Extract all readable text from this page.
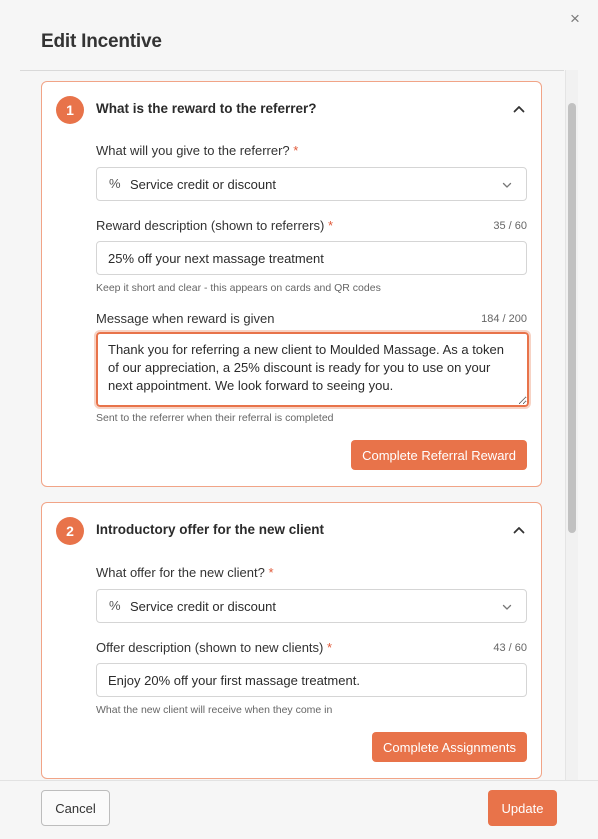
×
Edit Incentive
1	What is the reward to the referrer?
What will you give to the referrer? *
% Service credit or discount
Reward description (shown to referrers) *	35 / 60
25% off your next massage treatment
Keep it short and clear - this appears on cards and QR codes
Message when reward is given	184 / 200
Thank you for referring a new client to Moulded Massage. As a token of our appreciation, a 25% discount is ready for you to use on your next appointment. We look forward to seeing you.
Sent to the referrer when their referral is completed
Complete Referral Reward
2	Introductory offer for the new client
What offer for the new client? *
% Service credit or discount
Offer description (shown to new clients) *	43 / 60
Enjoy 20% off your first massage treatment.
What the new client will receive when they come in
Complete Assignments
Cancel	Update
